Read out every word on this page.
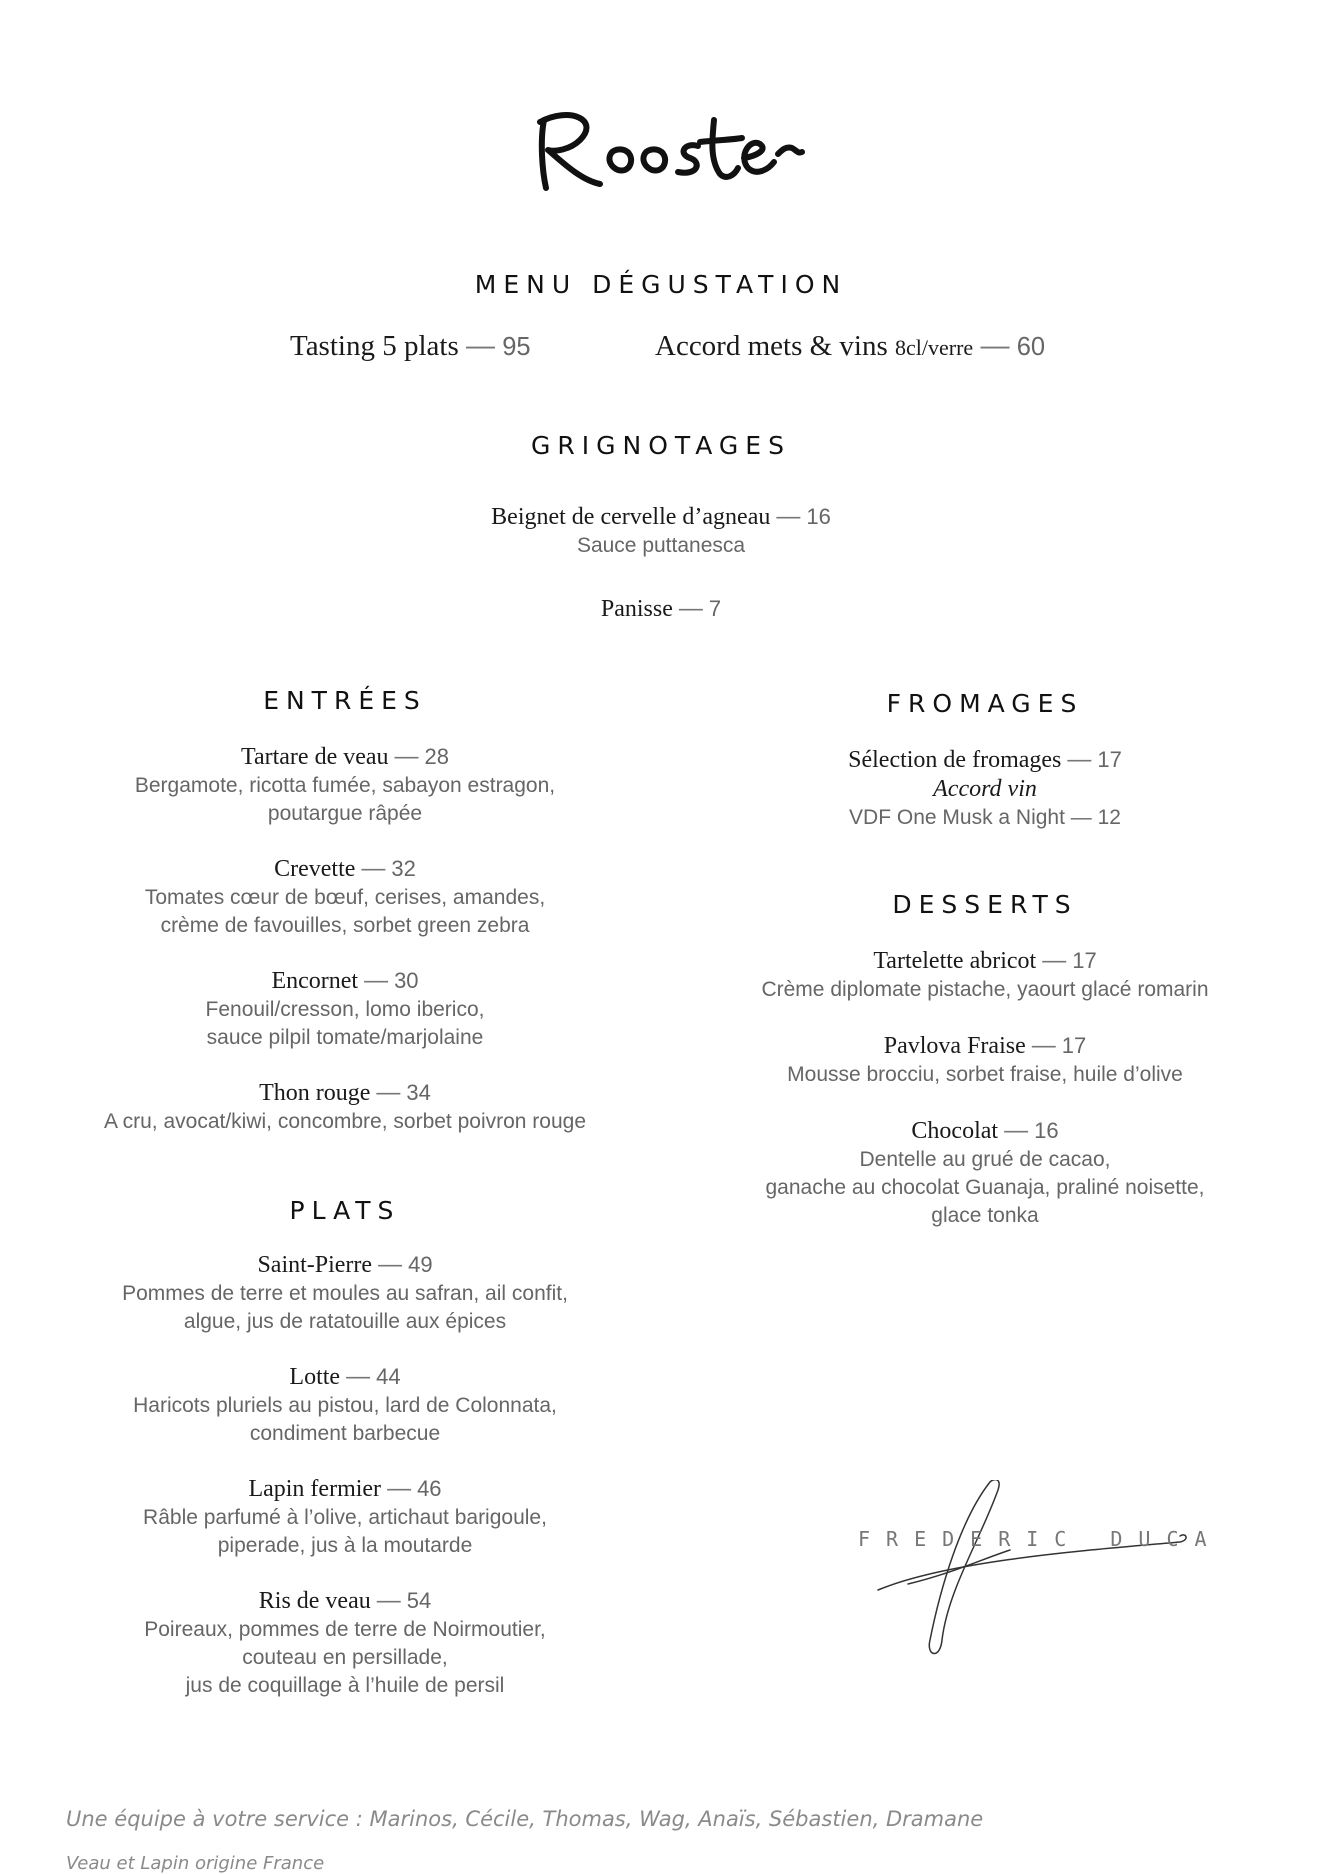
MENU DÉGUSTATION
Tasting 5 plats — 95	Accord mets & vins 8cl/verre — 60
GRIGNOTAGES
ENTRÉES
PLATS
FROMAGES
DESSERTS
Beignet de cervelle d’agneau — 16
Sauce puttanesca
Panisse — 7
Tartare de veau — 28
Bergamote, ricotta fumée, sabayon estragon,
poutargue râpée
Crevette — 32
Tomates cœur de bœuf, cerises, amandes,
crème de favouilles, sorbet green zebra
Encornet — 30
Fenouil/cresson, lomo iberico,
sauce pilpil tomate/marjolaine
Thon rouge — 34
A cru, avocat/kiwi, concombre, sorbet poivron rouge
Saint-Pierre — 49
Pommes de terre et moules au safran, ail confit,
algue, jus de ratatouille aux épices
Lotte — 44
Haricots pluriels au pistou, lard de Colonnata,
condiment barbecue
Lapin fermier — 46
Râble parfumé à l’olive, artichaut barigoule,
piperade, jus à la moutarde
Ris de veau — 54
Poireaux, pommes de terre de Noirmoutier,
couteau en persillade,
jus de coquillage à l’huile de persil
Sélection de fromages — 17
Accord vin
VDF One Musk a Night — 12
Tartelette abricot — 17
Crème diplomate pistache, yaourt glacé romarin
Pavlova Fraise — 17
Mousse brocciu, sorbet fraise, huile d’olive
Chocolat — 16
Dentelle au grué de cacao,
ganache au chocolat Guanaja, praliné noisette,
glace tonka
FREDERIC DUCA
Une équipe à votre service : Marinos, Cécile, Thomas, Wag, Anaïs, Sébastien, Dramane
Veau et Lapin origine France
